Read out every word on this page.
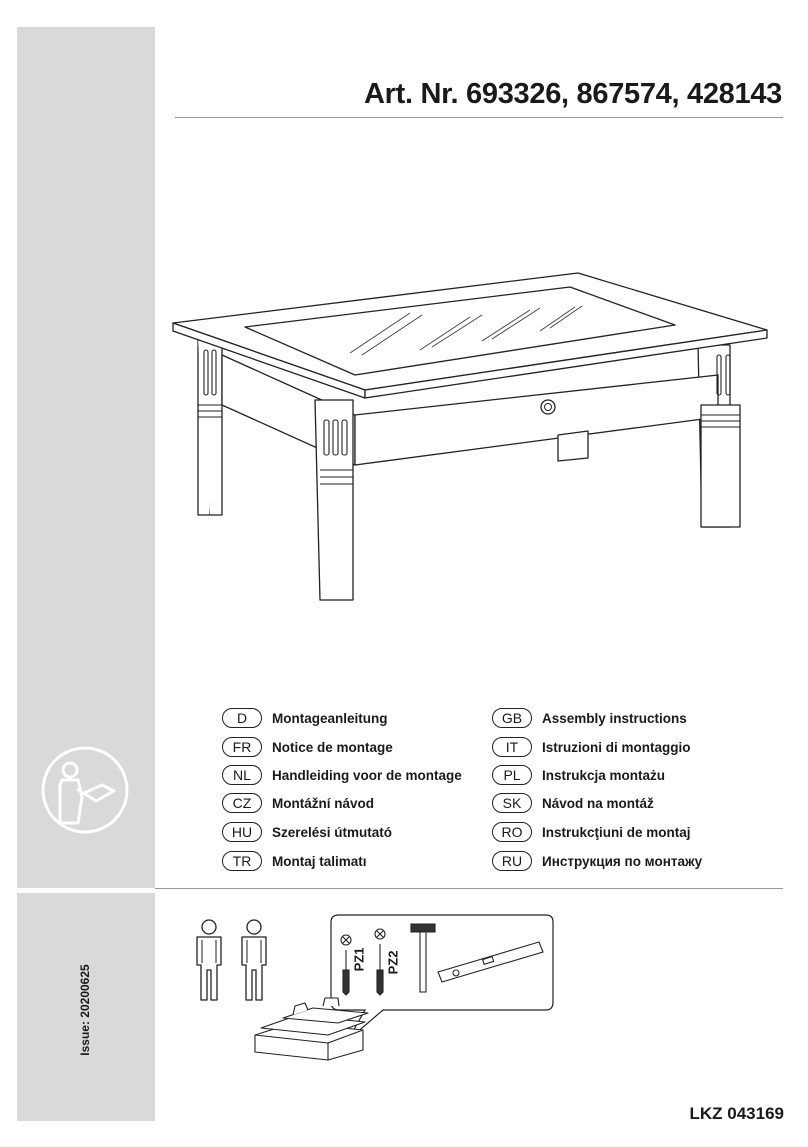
Issue: 20200625
Art. Nr. 693326, 867574, 428143
D	Montageanleitung
FR	Notice de montage
NL	Handleiding voor de montage
CZ	Montážní návod
HU	Szerelési útmutató
TR	Montaj talimatı
GB	Assembly instructions
IT	Istruzioni di montaggio
PL	Instrukcja montażu
SK	Návod na montáž
RO	Instrukcţiuni de montaj
RU	Инструкция по монтажу
PZ1 PZ2
LKZ 043169
